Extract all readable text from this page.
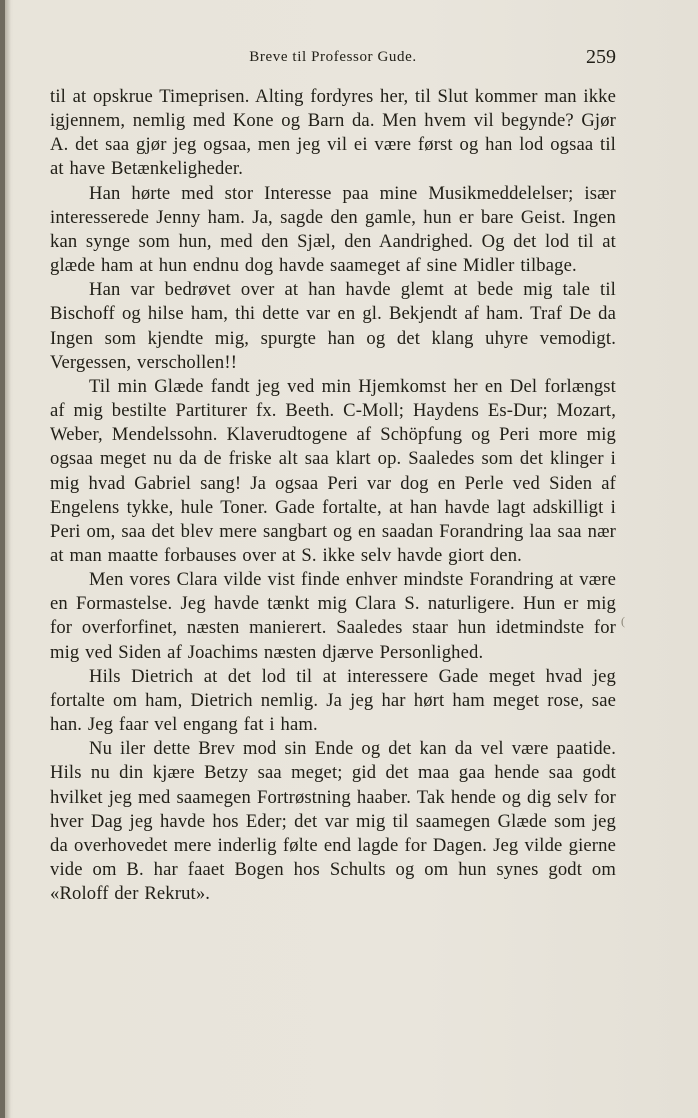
Breve til Professor Gude.	259

til at opskrue Timeprisen. Alting fordyres her, til Slut kommer man ikke igjennem, nemlig med Kone og Barn da. Men hvem vil begynde? Gjør A. det saa gjør jeg ogsaa, men jeg vil ei være først og han lod ogsaa til at have Betænkeligheder.

Han hørte med stor Interesse paa mine Musikmeddelelser; især interesserede Jenny ham. Ja, sagde den gamle, hun er bare Geist. Ingen kan synge som hun, med den Sjæl, den Aandrighed. Og det lod til at glæde ham at hun endnu dog havde saameget af sine Midler tilbage.

Han var bedrøvet over at han havde glemt at bede mig tale til Bischoff og hilse ham, thi dette var en gl. Bekjendt af ham. Traf De da Ingen som kjendte mig, spurgte han og det klang uhyre vemodigt. Vergessen, verschollen!!

Til min Glæde fandt jeg ved min Hjemkomst her en Del forlængst af mig bestilte Partiturer fx. Beeth. C-Moll; Haydens Es-Dur; Mozart, Weber, Mendelssohn. Klaverudtogene af Schöpfung og Peri more mig ogsaa meget nu da de friske alt saa klart op. Saaledes som det klinger i mig hvad Gabriel sang! Ja ogsaa Peri var dog en Perle ved Siden af Engelens tykke, hule Toner. Gade fortalte, at han havde lagt adskilligt i Peri om, saa det blev mere sangbart og en saadan Forandring laa saa nær at man maatte forbauses over at S. ikke selv havde giort den.

Men vores Clara vilde vist finde enhver mindste Forandring at være en Formastelse. Jeg havde tænkt mig Clara S. naturligere. Hun er mig for overforfinet, næsten manierert. Saaledes staar hun idetmindste for mig ved Siden af Joachims næsten djærve Personlighed.

Hils Dietrich at det lod til at interessere Gade meget hvad jeg fortalte om ham, Dietrich nemlig. Ja jeg har hørt ham meget rose, sae han. Jeg faar vel engang fat i ham.

Nu iler dette Brev mod sin Ende og det kan da vel være paatide. Hils nu din kjære Betzy saa meget; gid det maa gaa hende saa godt hvilket jeg med saamegen Fortrøstning haaber. Tak hende og dig selv for hver Dag jeg havde hos Eder; det var mig til saamegen Glæde som jeg da overhovedet mere inderlig følte end lagde for Dagen. Jeg vilde gierne vide om B. har faaet Bogen hos Schults og om hun synes godt om «Roloff der Rekrut».

(
